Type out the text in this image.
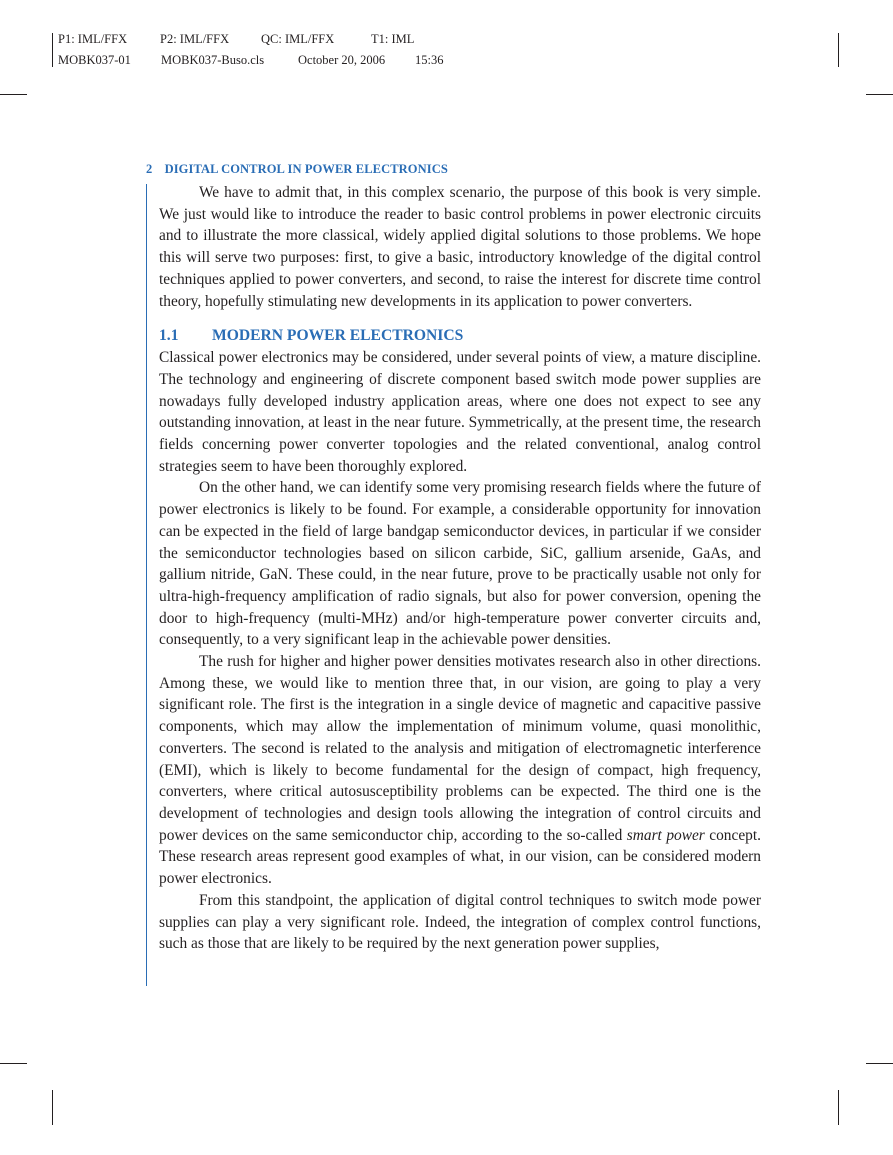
P1: IML/FFX	P2: IML/FFX	QC: IML/FFX	T1: IML
MOBK037-01 MOBK037-Buso.cls	October 20, 2006 15:36
2 DIGITAL CONTROL IN POWER ELECTRONICS

We have to admit that, in this complex scenario, the purpose of this book is very simple. We just would like to introduce the reader to basic control problems in power electronic circuits and to illustrate the more classical, widely applied digital solutions to those problems. We hope this will serve two purposes: first, to give a basic, introductory knowledge of the digital control techniques applied to power converters, and second, to raise the interest for discrete time control theory, hopefully stimulating new developments in its application to power converters.

1.1 MODERN POWER ELECTRONICS

Classical power electronics may be considered, under several points of view, a mature discipline. The technology and engineering of discrete component based switch mode power supplies are nowadays fully developed industry application areas, where one does not expect to see any outstanding innovation, at least in the near future. Symmetrically, at the present time, the research fields concerning power converter topologies and the related conventional, analog control strategies seem to have been thoroughly explored.

On the other hand, we can identify some very promising research fields where the future of power electronics is likely to be found. For example, a considerable opportunity for innovation can be expected in the field of large bandgap semiconductor devices, in particular if we consider the semiconductor technologies based on silicon carbide, SiC, gallium arsenide, GaAs, and gallium nitride, GaN. These could, in the near future, prove to be practically usable not only for ultra-high-frequency amplification of radio signals, but also for power conversion, opening the door to high-frequency (multi-MHz) and/or high-temperature power converter circuits and, consequently, to a very significant leap in the achievable power densities.

The rush for higher and higher power densities motivates research also in other directions. Among these, we would like to mention three that, in our vision, are going to play a very significant role. The first is the integration in a single device of magnetic and capacitive passive components, which may allow the implementation of minimum volume, quasi monolithic, converters. The second is related to the analysis and mitigation of electromagnetic interference (EMI), which is likely to become fundamental for the design of compact, high frequency, converters, where critical autosusceptibility problems can be expected. The third one is the development of technologies and design tools allowing the integration of control circuits and power devices on the same semiconductor chip, according to the so-called smart power concept. These research areas represent good examples of what, in our vision, can be considered modern power electronics.

From this standpoint, the application of digital control techniques to switch mode power supplies can play a very significant role. Indeed, the integration of complex control functions, such as those that are likely to be required by the next generation power supplies,
